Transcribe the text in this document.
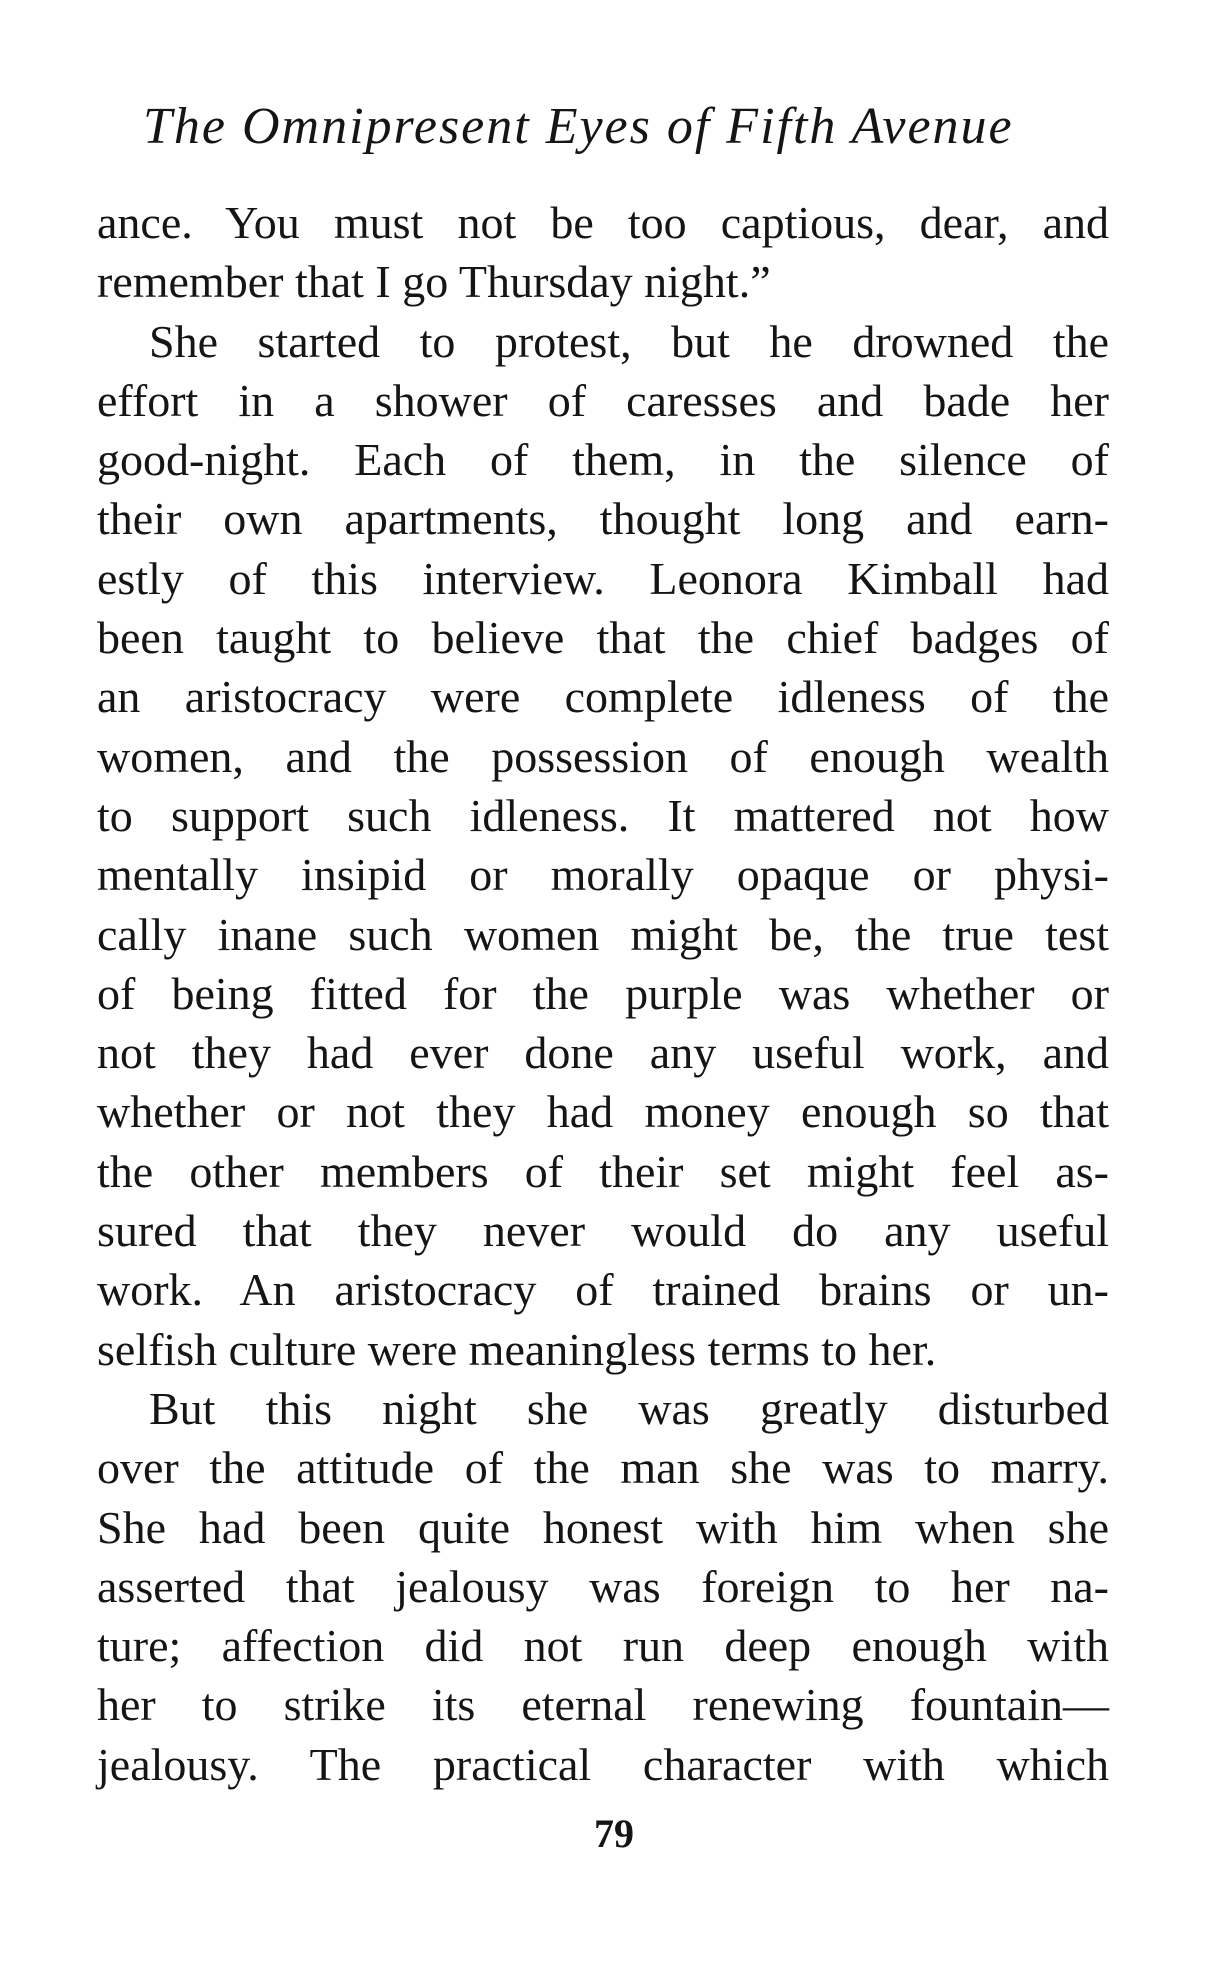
The Omnipresent Eyes of Fifth Avenue
ance. You must not be too captious, dear, and
remember that I go Thursday night.”
She started to protest, but he drowned the
effort in a shower of caresses and bade her
good-night. Each of them, in the silence of
their own apartments, thought long and earn-
estly of this interview. Leonora Kimball had
been taught to believe that the chief badges of
an aristocracy were complete idleness of the
women, and the possession of enough wealth
to support such idleness. It mattered not how
mentally insipid or morally opaque or physi-
cally inane such women might be, the true test
of being fitted for the purple was whether or
not they had ever done any useful work, and
whether or not they had money enough so that
the other members of their set might feel as-
sured that they never would do any useful
work. An aristocracy of trained brains or un-
selfish culture were meaningless terms to her.
But this night she was greatly disturbed
over the attitude of the man she was to marry.
She had been quite honest with him when she
asserted that jealousy was foreign to her na-
ture; affection did not run deep enough with
her to strike its eternal renewing fountain—
jealousy. The practical character with which
79
